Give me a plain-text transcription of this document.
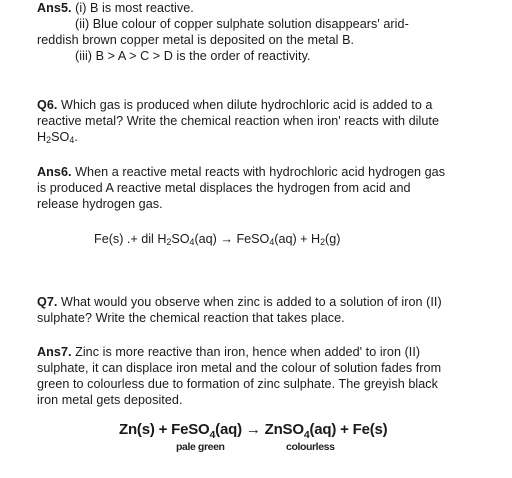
Ans5. (i) B is most reactive.
(ii) Blue colour of copper sulphate solution disappears' arid-
reddish brown copper metal is deposited on the metal B.
(iii) B > A > C > D is the order of reactivity.
Q6. Which gas is produced when dilute hydrochloric acid is added to a
reactive metal? Write the chemical reaction when iron' reacts with dilute
$H_2SO_4$.
Ans6. When a reactive metal reacts with hydrochloric acid hydrogen gas
is produced A reactive metal displaces the hydrogen from acid and
release hydrogen gas.
Fe(s) .+ dil $H_2SO_4(aq)$ → FeSO$_4$(aq) + $H_2(g)$
Q7. What would you observe when zinc is added to a solution of iron (II)
sulphate? Write the chemical reaction that takes place.
Ans7. Zinc is more reactive than iron, hence when added' to iron (II)
sulphate, it can displace iron metal and the colour of solution fades from
green to colourless due to formation of zinc sulphate. The greyish black
iron metal gets deposited.
Zn(s) + FeSO$_4$(aq) → ZnSO$_4$(aq) + Fe(s)
pale green	colourless
